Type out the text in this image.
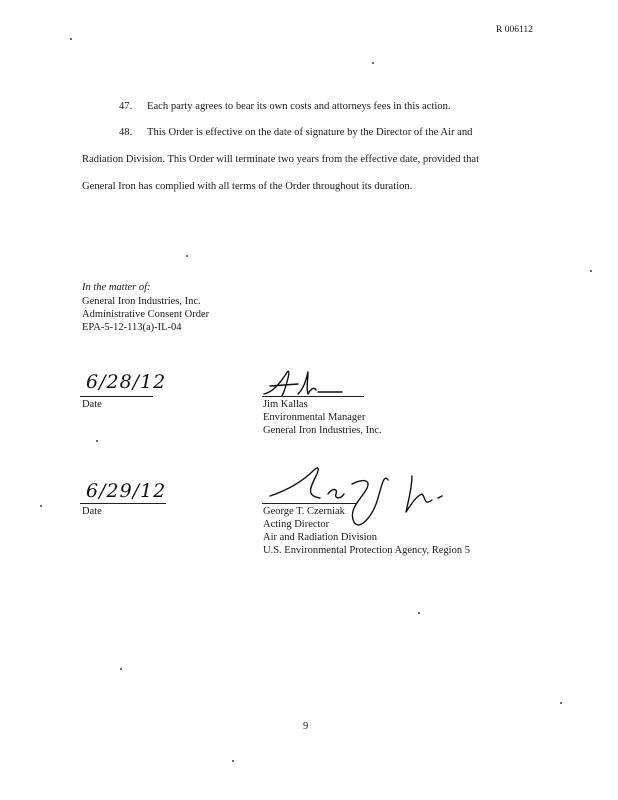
R 006112
47. Each party agrees to bear its own costs and attorneys fees in this action.
48. This Order is effective on the date of signature by the Director of the Air and
Radiation Division. This Order will terminate two years from the effective date, provided that
General Iron has complied with all terms of the Order throughout its duration.
In the matter of:
General Iron Industries, Inc.
Administrative Consent Order
EPA-5-12-113(a)-IL-04
6/28/12
Date	Jim Kallas
Environmental Manager
General Iron Industries, Inc.
6/29/12
Date	George T. Czerniak
Acting Director
Air and Radiation Division
U.S. Environmental Protection Agency, Region 5
9
